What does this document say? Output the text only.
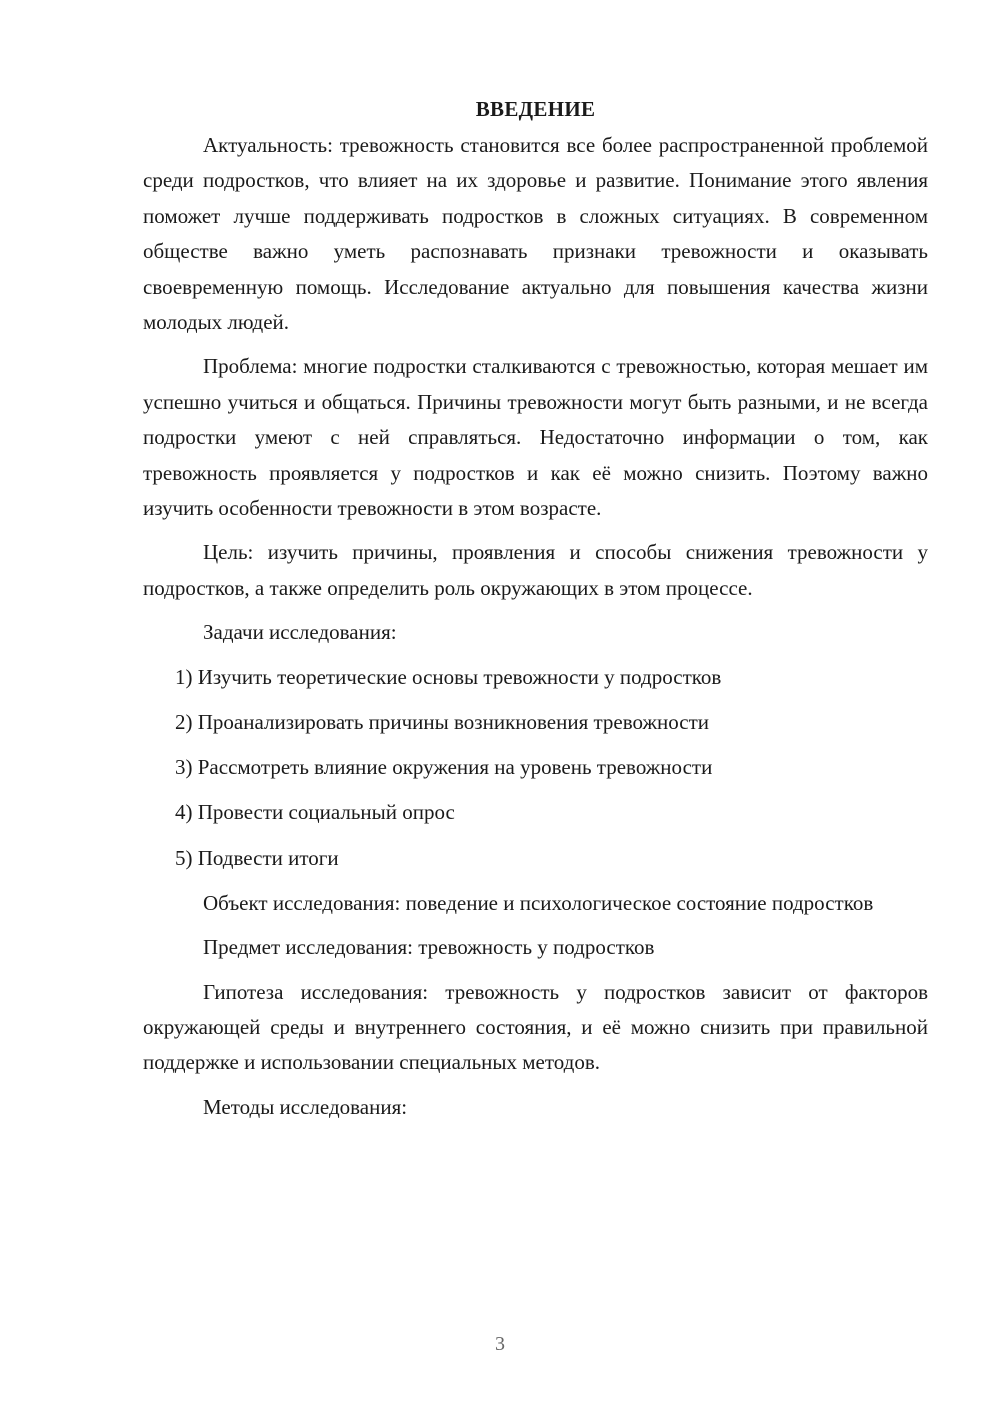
ВВЕДЕНИЕ

Актуальность: тревожность становится все более распространенной проблемой среди подростков, что влияет на их здоровье и развитие. Понимание этого явления поможет лучше поддерживать подростков в сложных ситуациях. В современном обществе важно уметь распознавать признаки тревожности и оказывать своевременную помощь. Исследование актуально для повышения качества жизни молодых людей.

Проблема: многие подростки сталкиваются с тревожностью, которая мешает им успешно учиться и общаться. Причины тревожности могут быть разными, и не всегда подростки умеют с ней справляться. Недостаточно информации о том, как тревожность проявляется у подростков и как её можно снизить. Поэтому важно изучить особенности тревожности в этом возрасте.

Цель: изучить причины, проявления и способы снижения тревожности у подростков, а также определить роль окружающих в этом процессе.

Задачи исследования:

1) Изучить теоретические основы тревожности у подростков
2) Проанализировать причины возникновения тревожности
3) Рассмотреть влияние окружения на уровень тревожности
4) Провести социальный опрос
5) Подвести итоги

Объект исследования: поведение и психологическое состояние подростков

Предмет исследования: тревожность у подростков

Гипотеза исследования: тревожность у подростков зависит от факторов окружающей среды и внутреннего состояния, и её можно снизить при правильной поддержке и использовании специальных методов.

Методы исследования:

3
